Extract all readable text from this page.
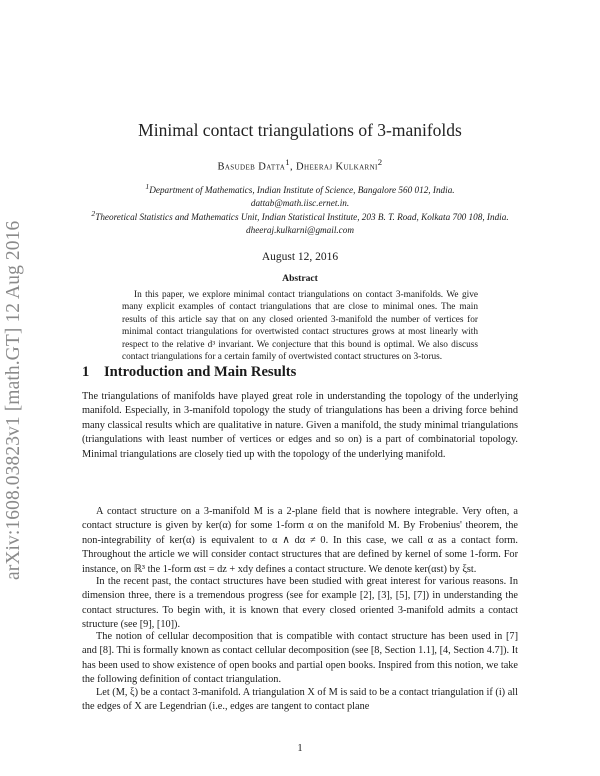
arXiv:1608.03823v1 [math.GT] 12 Aug 2016
Minimal contact triangulations of 3-manifolds
Basudeb Datta$^1$, Dheeraj Kulkarni$^2$
$^1$Department of Mathematics, Indian Institute of Science, Bangalore 560 012, India.
dattab@math.iisc.ernet.in.
$^2$Theoretical Statistics and Mathematics Unit, Indian Statistical Institute, 203 B. T. Road, Kolkata 700 108, India. dheeraj.kulkarni@gmail.com
August 12, 2016
Abstract
In this paper, we explore minimal contact triangulations on contact 3-manifolds. We give many explicit examples of contact triangulations that are close to minimal ones. The main results of this article say that on any closed oriented 3-manifold the number of vertices for minimal contact triangulations for overtwisted contact structures grows at most linearly with respect to the relative d³ invariant. We conjecture that this bound is optimal. We also discuss contact triangulations for a certain family of overtwisted contact structures on 3-torus.
1 Introduction and Main Results
The triangulations of manifolds have played great role in understanding the topology of the underlying manifold. Especially, in 3-manifold topology the study of triangulations has been a driving force behind many classical results which are qualitative in nature. Given a manifold, the study minimal triangulations (triangulations with least number of vertices or edges and so on) is a part of combinatorial topology. Minimal triangulations are closely tied up with the topology of the underlying manifold.
A contact structure on a 3-manifold M is a 2-plane field that is nowhere integrable. Very often, a contact structure is given by ker(α) for some 1-form α on the manifold M. By Frobenius' theorem, the non-integrability of ker(α) is equivalent to α ∧ dα ≠ 0. In this case, we call α as a contact form. Throughout the article we will consider contact structures that are defined by kernel of some 1-form. For instance, on ℝ³ the 1-form αst = dz + xdy defines a contact structure. We denote ker(αst) by ξst.
In the recent past, the contact structures have been studied with great interest for various reasons. In dimension three, there is a tremendous progress (see for example [2], [3], [5], [7]) in understanding the contact structures. To begin with, it is known that every closed oriented 3-manifold admits a contact structure (see [9], [10]).
The notion of cellular decomposition that is compatible with contact structure has been used in [7] and [8]. Thi is formally known as contact cellular decomposition (see [8, Section 1.1], [4, Section 4.7]). It has been used to show existence of open books and partial open books. Inspired from this notion, we take the following definition of contact triangulation.
Let (M, ξ) be a contact 3-manifold. A triangulation X of M is said to be a contact triangulation if (i) all the edges of X are Legendrian (i.e., edges are tangent to contact plane
1
